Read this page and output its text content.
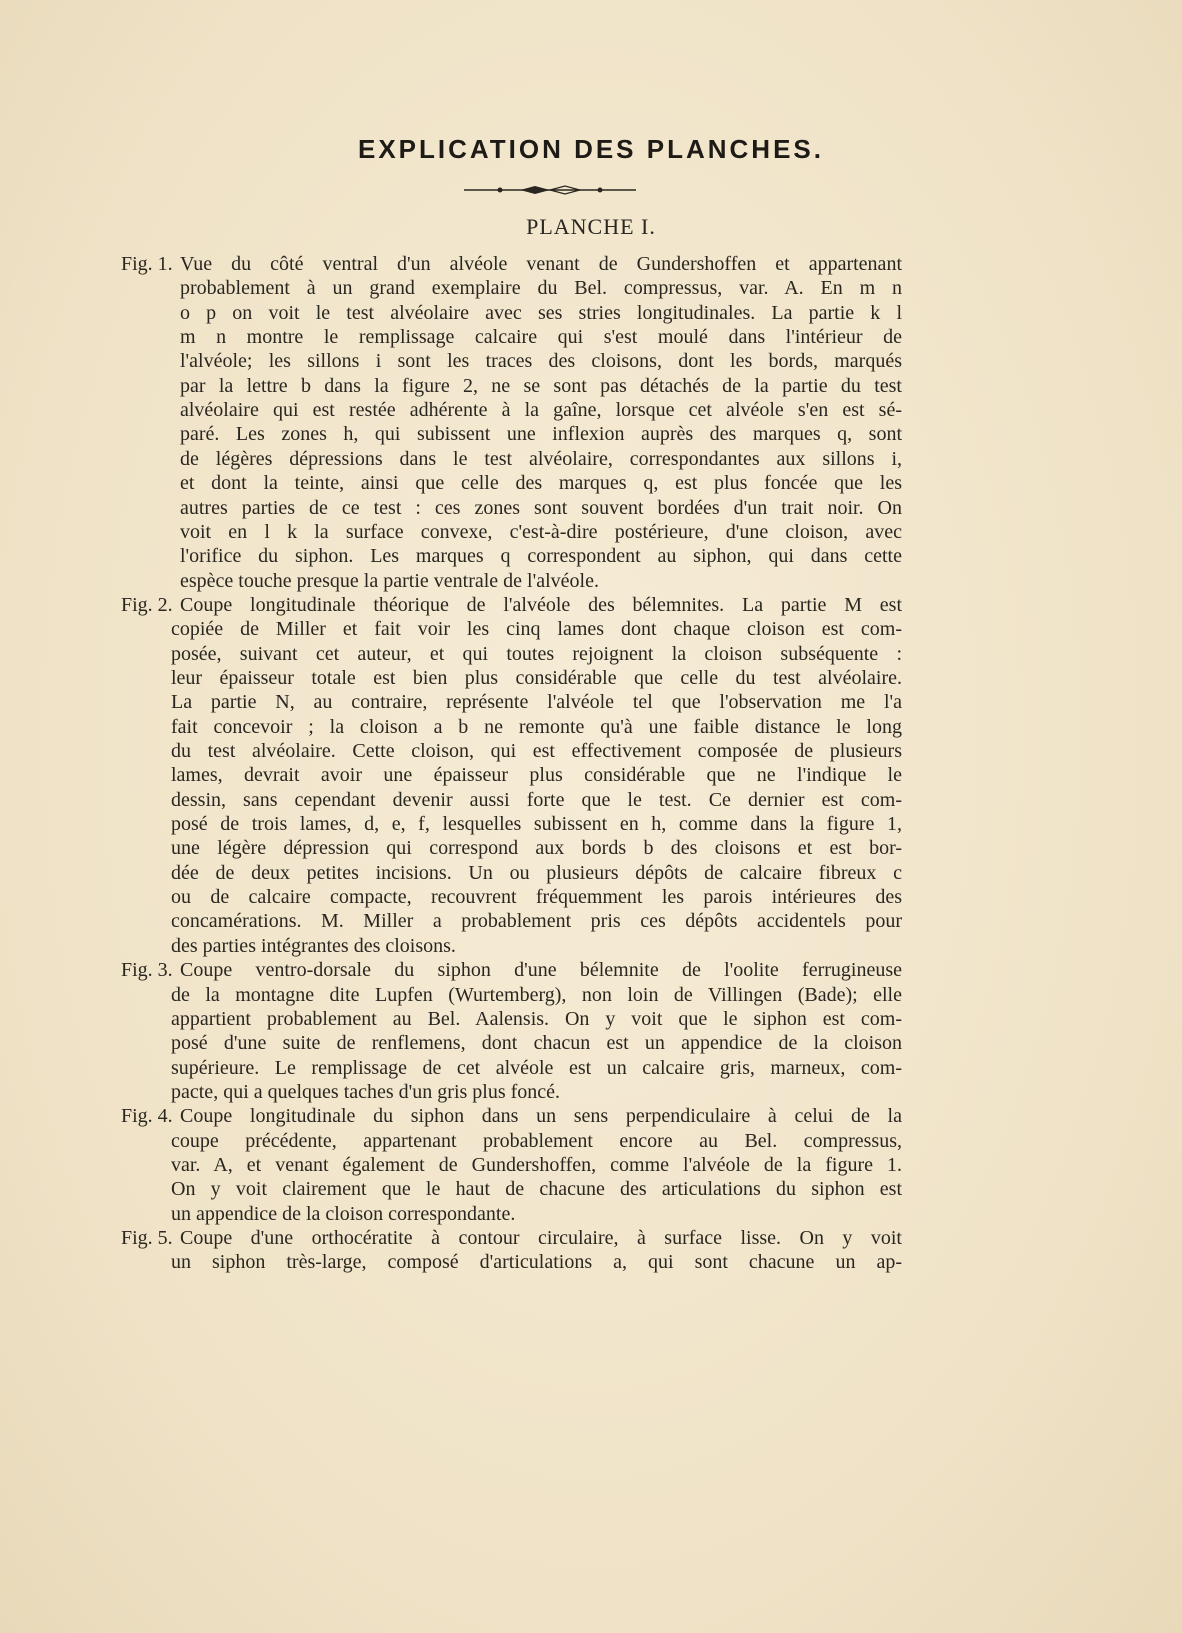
EXPLICATION DES PLANCHES.
PLANCHE I.
Fig. 1. Vue du côté ventral d'un alvéole venant de Gundershoffen et appartenant
probablement à un grand exemplaire du Bel. compressus, var. A. En m n
o p on voit le test alvéolaire avec ses stries longitudinales. La partie k l
m n montre le remplissage calcaire qui s'est moulé dans l'intérieur de
l'alvéole; les sillons i sont les traces des cloisons, dont les bords, marqués
par la lettre b dans la figure 2, ne se sont pas détachés de la partie du test
alvéolaire qui est restée adhérente à la gaîne, lorsque cet alvéole s'en est sé-
paré. Les zones h, qui subissent une inflexion auprès des marques q, sont
de légères dépressions dans le test alvéolaire, correspondantes aux sillons i,
et dont la teinte, ainsi que celle des marques q, est plus foncée que les
autres parties de ce test : ces zones sont souvent bordées d'un trait noir. On
voit en l k la surface convexe, c'est-à-dire postérieure, d'une cloison, avec
l'orifice du siphon. Les marques q correspondent au siphon, qui dans cette
espèce touche presque la partie ventrale de l'alvéole.
Fig. 2. Coupe longitudinale théorique de l'alvéole des bélemnites. La partie M est
copiée de Miller et fait voir les cinq lames dont chaque cloison est com-
posée, suivant cet auteur, et qui toutes rejoignent la cloison subséquente :
leur épaisseur totale est bien plus considérable que celle du test alvéolaire.
La partie N, au contraire, représente l'alvéole tel que l'observation me l'a
fait concevoir ; la cloison a b ne remonte qu'à une faible distance le long
du test alvéolaire. Cette cloison, qui est effectivement composée de plusieurs
lames, devrait avoir une épaisseur plus considérable que ne l'indique le
dessin, sans cependant devenir aussi forte que le test. Ce dernier est com-
posé de trois lames, d, e, f, lesquelles subissent en h, comme dans la figure 1,
une légère dépression qui correspond aux bords b des cloisons et est bor-
dée de deux petites incisions. Un ou plusieurs dépôts de calcaire fibreux c
ou de calcaire compacte, recouvrent fréquemment les parois intérieures des
concamérations. M. Miller a probablement pris ces dépôts accidentels pour
des parties intégrantes des cloisons.
Fig. 3. Coupe ventro-dorsale du siphon d'une bélemnite de l'oolite ferrugineuse
de la montagne dite Lupfen (Wurtemberg), non loin de Villingen (Bade); elle
appartient probablement au Bel. Aalensis. On y voit que le siphon est com-
posé d'une suite de renflemens, dont chacun est un appendice de la cloison
supérieure. Le remplissage de cet alvéole est un calcaire gris, marneux, com-
pacte, qui a quelques taches d'un gris plus foncé.
Fig. 4. Coupe longitudinale du siphon dans un sens perpendiculaire à celui de la
coupe précédente, appartenant probablement encore au Bel. compressus,
var. A, et venant également de Gundershoffen, comme l'alvéole de la figure 1.
On y voit clairement que le haut de chacune des articulations du siphon est
un appendice de la cloison correspondante.
Fig. 5. Coupe d'une orthocératite à contour circulaire, à surface lisse. On y voit
un siphon très-large, composé d'articulations a, qui sont chacune un ap-
